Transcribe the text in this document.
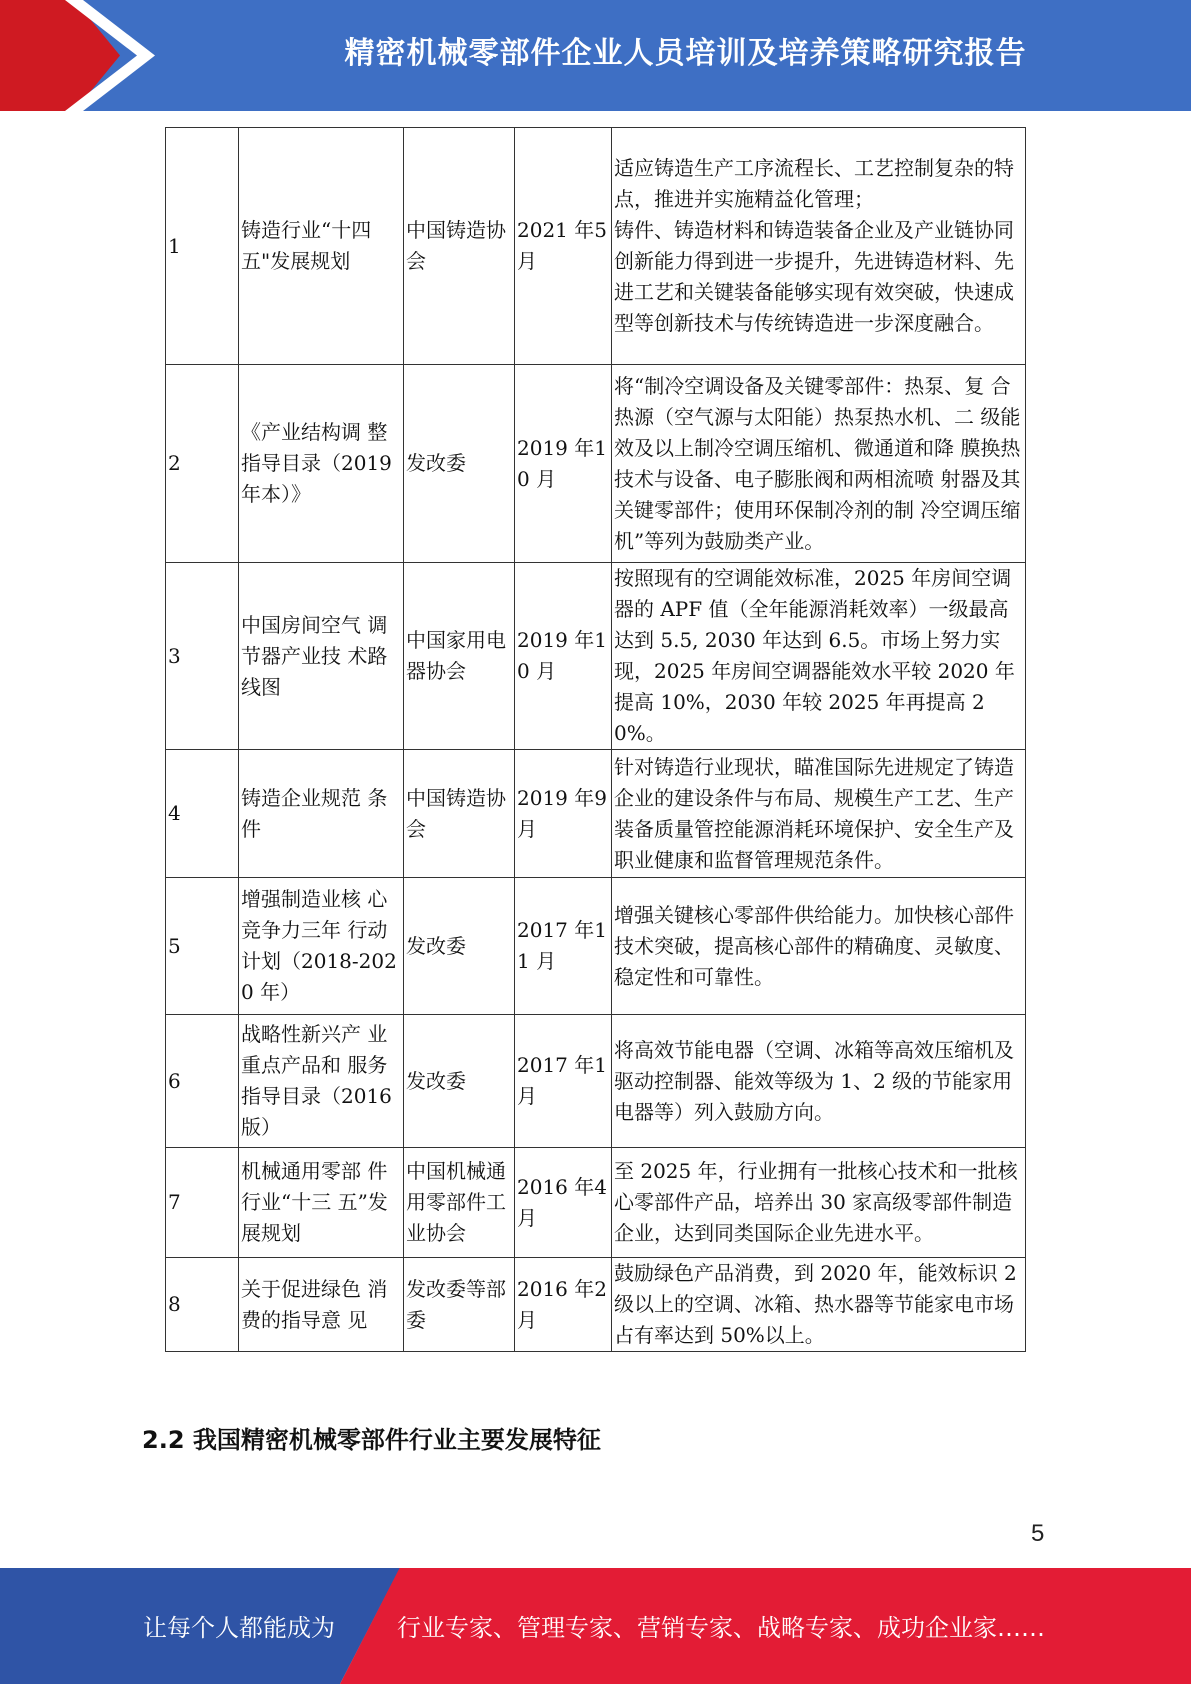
精密机械零部件企业人员培训及培养策略研究报告
1	铸造行业“十四五"发展规划	中国铸造协会	2021 年5 月	适应铸造生产工序流程长、工艺控制复杂的特点，推进并实施精益化管理；
铸件、铸造材料和铸造装备企业及产业链协同创新能力得到进一步提升，先进铸造材料、先进工艺和关键装备能够实现有效突破，快速成型等创新技术与传统铸造进一步深度融合。
2	《产业结构调 整指导目录（2019 年本）》	发改委	2019 年10 月	将“制冷空调设备及关键零部件：热泵、复 合热源（空气源与太阳能）热泵热水机、二 级能效及以上制冷空调压缩机、微通道和降 膜换热技术与设备、电子膨胀阀和两相流喷 射器及其关键零部件；使用环保制冷剂的制 冷空调压缩机”等列为鼓励类产业。
3	中国房间空气 调节器产业技 术路线图	中国家用电器协会	2019 年10 月	按照现有的空调能效标准，2025 年房间空调器的 APF 值（全年能源消耗效率）一级最高达到 5.5, 2030 年达到 6.5。市场上努力实现，2025 年房间空调器能效水平较 2020 年提高 10%，2030 年较 2025 年再提高 20%。
4	铸造企业规范 条件	中国铸造协会	2019 年9 月	针对铸造行业现状，瞄准国际先进规定了铸造企业的建设条件与布局、规模生产工艺、生产装备质量管控能源消耗环境保护、安全生产及职业健康和监督管理规范条件。
5	增强制造业核 心竞争力三年 行动计划（2018-2020 年）	发改委	2017 年11 月	增强关键核心零部件供给能力。加快核心部件技术突破，提高核心部件的精确度、灵敏度、稳定性和可靠性。
6	战略性新兴产 业重点产品和 服务指导目录（2016 版）	发改委	2017 年1 月	将高效节能电器（空调、冰箱等高效压缩机及驱动控制器、能效等级为 1、2 级的节能家用电器等）列入鼓励方向。
7	机械通用零部 件行业“十三 五”发展规划	中国机械通用零部件工业协会	2016 年4 月	至 2025 年，行业拥有一批核心技术和一批核心零部件产品，培养出 30 家高级零部件制造企业，达到同类国际企业先进水平。
8	关于促进绿色 消费的指导意 见	发改委等部委	2016 年2 月	鼓励绿色产品消费，到 2020 年，能效标识 2 级以上的空调、冰箱、热水器等节能家电市场占有率达到 50%以上。
2.2 我国精密机械零部件行业主要发展特征
5
让每个人都能成为	行业专家、管理专家、营销专家、战略专家、成功企业家……
